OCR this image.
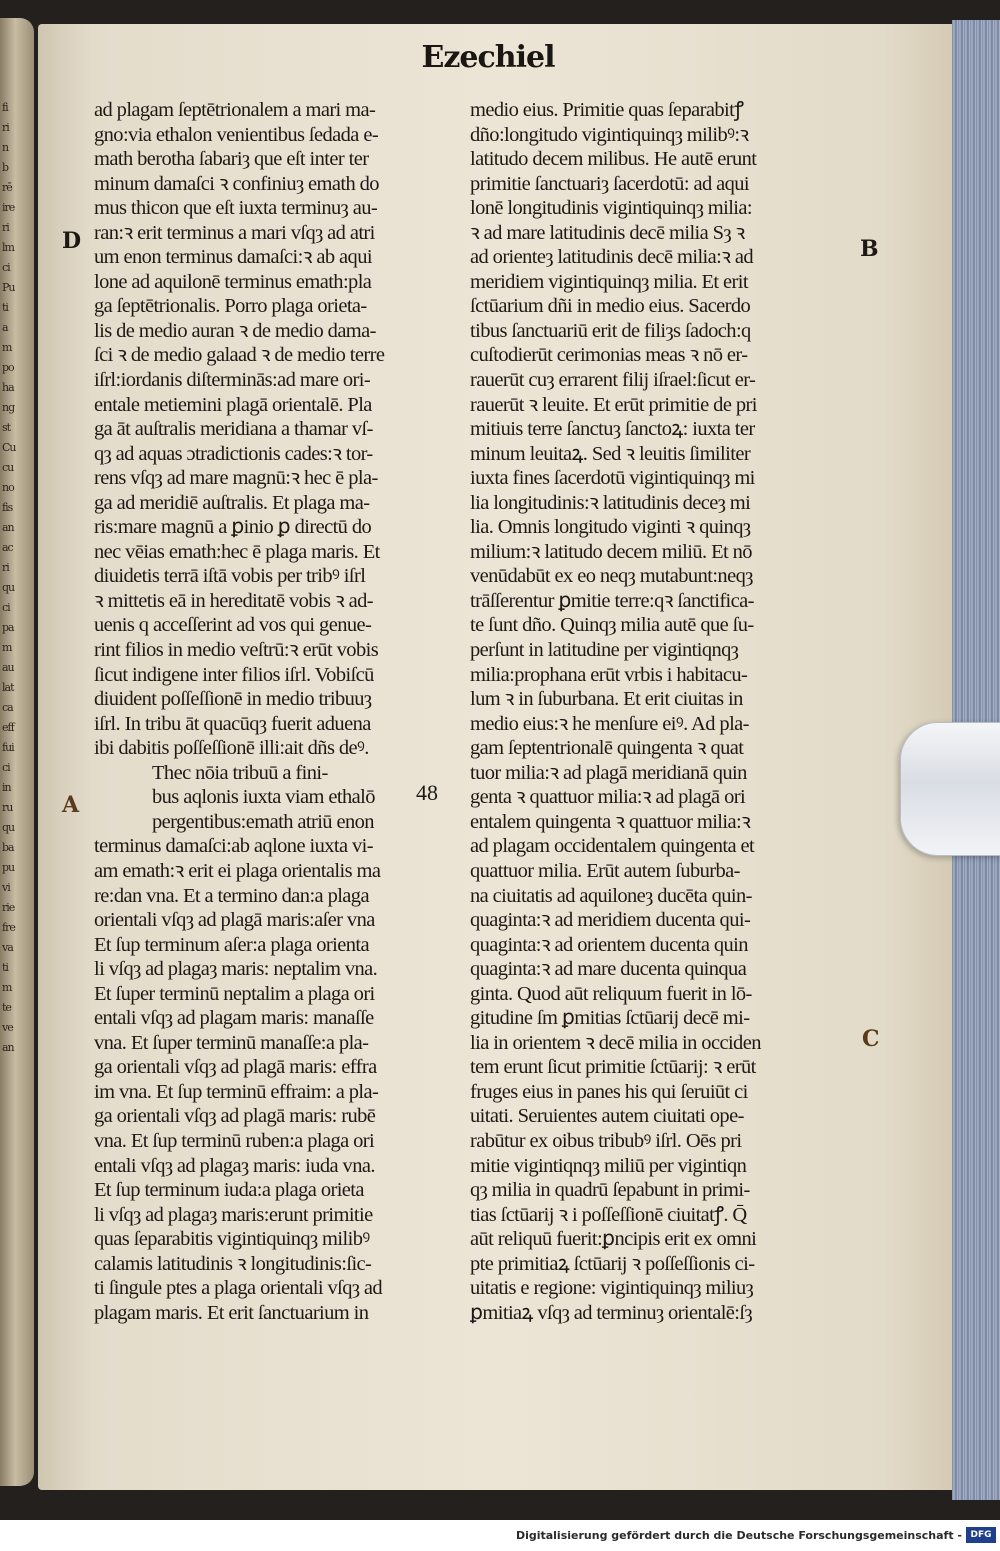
fi
ri
n
b
rē
ire
ri
lm
ci
Pu
ti
a
m
po
ha
ng
st
Cu
cu
no
fis
an
ac
ri
qu
ci
pa
m
au
lat
ca
eff
fui
ci
in
ru
qu
ba
pu
vi
rie
fre
va
ti
m
te
ve
an
Ezechiel
ad plagam ſeptētrionalem a mari ma-
gno:via ethalon venientibus ſedada e-
math berotha ſabariȝ que eſt inter ter
minum damaſci ꝛ confiniuȝ emath do
mus thicon que eſt iuxta terminuȝ au-
ran:ꝛ erit terminus a mari vſqȝ ad atri
um enon terminus damaſci:ꝛ ab aqui
lone ad aquilonē terminus emath:pla
ga ſeptētrionalis. Porro plaga orieta-
lis de medio auran ꝛ de medio dama-
ſci ꝛ de medio galaad ꝛ de medio terre
iſrl:iordanis diſterminās:ad mare ori-
entale metiemini plagā orientalē. Pla
ga āt auſtralis meridiana a thamar vſ-
qȝ ad aquas ɔtradictionis cades:ꝛ tor-
rens vſqȝ ad mare magnū:ꝛ hec ē pla-
ga ad meridiē auſtralis. Et plaga ma-
ris:mare magnū a ꝑinio ꝑ directū do
nec vēias emath:hec ē plaga maris. Et
diuidetis terrā iſtā vobis per tribꝰ iſrl
ꝛ mittetis eā in hereditatē vobis ꝛ ad-
uenis q acceſſerint ad vos qui genue-
rint filios in medio veſtrū:ꝛ erūt vobis
ſicut indigene inter filios iſrl. Vobiſcū
diuident poſſeſſionē in medio tribuuȝ
iſrl. In tribu āt quacūqȝ fuerit aduena
ibi dabitis poſſeſſionē illi:ait dñs deꝰ.
Thec nōia tribuū a fini-
bus aqlonis iuxta viam ethalō
pergentibus:emath atriū enon
terminus damaſci:ab aqlone iuxta vi-
am emath:ꝛ erit ei plaga orientalis ma
re:dan vna. Et a termino dan:a plaga
orientali vſqȝ ad plagā maris:aſer vna
Et ſup terminum aſer:a plaga orienta
li vſqȝ ad plagaȝ maris: neptalim vna.
Et ſuper terminū neptalim a plaga ori
entali vſqȝ ad plagam maris: manaſſe
vna. Et ſuper terminū manaſſe:a pla-
ga orientali vſqȝ ad plagā maris: effra
im vna. Et ſup terminū effraim: a pla-
ga orientali vſqȝ ad plagā maris: rubē
vna. Et ſup terminū ruben:a plaga ori
entali vſqȝ ad plagaȝ maris: iuda vna.
Et ſup terminum iuda:a plaga orieta
li vſqȝ ad plagaȝ maris:erunt primitie
quas ſeparabitis vigintiquinqȝ milibꝰ
calamis latitudinis ꝛ longitudinis:ſic-
ti ſingule ptes a plaga orientali vſqȝ ad
plagam maris. Et erit ſanctuarium in
medio eius. Primitie quas ſeparabitꝭ
dño:longitudo vigintiquinqȝ milibꝰ:ꝛ
latitudo decem milibus. He autē erunt
primitie ſanctuariȝ ſacerdotū: ad aqui
lonē longitudinis vigintiquinqȝ milia:
ꝛ ad mare latitudinis decē milia Sȝ ꝛ
ad orienteȝ latitudinis decē milia:ꝛ ad
meridiem vigintiquinqȝ milia. Et erit
ſctūarium dñi in medio eius. Sacerdo
tibus ſanctuariū erit de filiȝs ſadoch:q
cuſtodierūt cerimonias meas ꝛ nō er-
rauerūt cuȝ errarent filij iſrael:ſicut er-
rauerūt ꝛ leuite. Et erūt primitie de pri
mitiuis terre ſanctuȝ ſanctoꝝ: iuxta ter
minum leuitaꝝ. Sed ꝛ leuitis ſimiliter
iuxta fines ſacerdotū vigintiquinqȝ mi
lia longitudinis:ꝛ latitudinis deceȝ mi
lia. Omnis longitudo viginti ꝛ quinqȝ
milium:ꝛ latitudo decem miliū. Et nō
venūdabūt ex eo neqȝ mutabunt:neqȝ
trāſſerentur ꝑmitie terre:qꝛ ſanctifica-
te ſunt dño. Quinqȝ milia autē que ſu-
perſunt in latitudine per vigintiqnqȝ
milia:prophana erūt vrbis i habitacu-
lum ꝛ in ſuburbana. Et erit ciuitas in
medio eius:ꝛ he menſure eiꝰ. Ad pla-
gam ſeptentrionalē quingenta ꝛ quat
tuor milia:ꝛ ad plagā meridianā quin
genta ꝛ quattuor milia:ꝛ ad plagā ori
entalem quingenta ꝛ quattuor milia:ꝛ
ad plagam occidentalem quingenta et
quattuor milia. Erūt autem ſuburba-
na ciuitatis ad aquiloneȝ ducēta quin-
quaginta:ꝛ ad meridiem ducenta qui-
quaginta:ꝛ ad orientem ducenta quin
quaginta:ꝛ ad mare ducenta quinqua
ginta. Quod aūt reliquum fuerit in lō-
gitudine ſm ꝑmitias ſctūarij decē mi-
lia in orientem ꝛ decē milia in occiden
tem erunt ſicut primitie ſctūarij: ꝛ erūt
fruges eius in panes his qui ſeruiūt ci
uitati. Seruientes autem ciuitati ope-
rabūtur ex oibus tribubꝰ iſrl. Oēs pri
mitie vigintiqnqȝ miliū per vigintiqn
qȝ milia in quadrū ſepabunt in primi-
tias ſctūarij ꝛ i poſſeſſionē ciuitatꝭ. Q̄
aūt reliquū fuerit:ꝑncipis erit ex omni
pte primitiaꝝ ſctūarij ꝛ poſſeſſionis ci-
uitatis e regione: vigintiquinqȝ miliuȝ
ꝑmitiaꝝ vſqȝ ad terminuȝ orientalē:ſȝ
48
D
A
B
C
Digitalisierung gefördert durch die Deutsche Forschungsgemeinschaft - DFG
